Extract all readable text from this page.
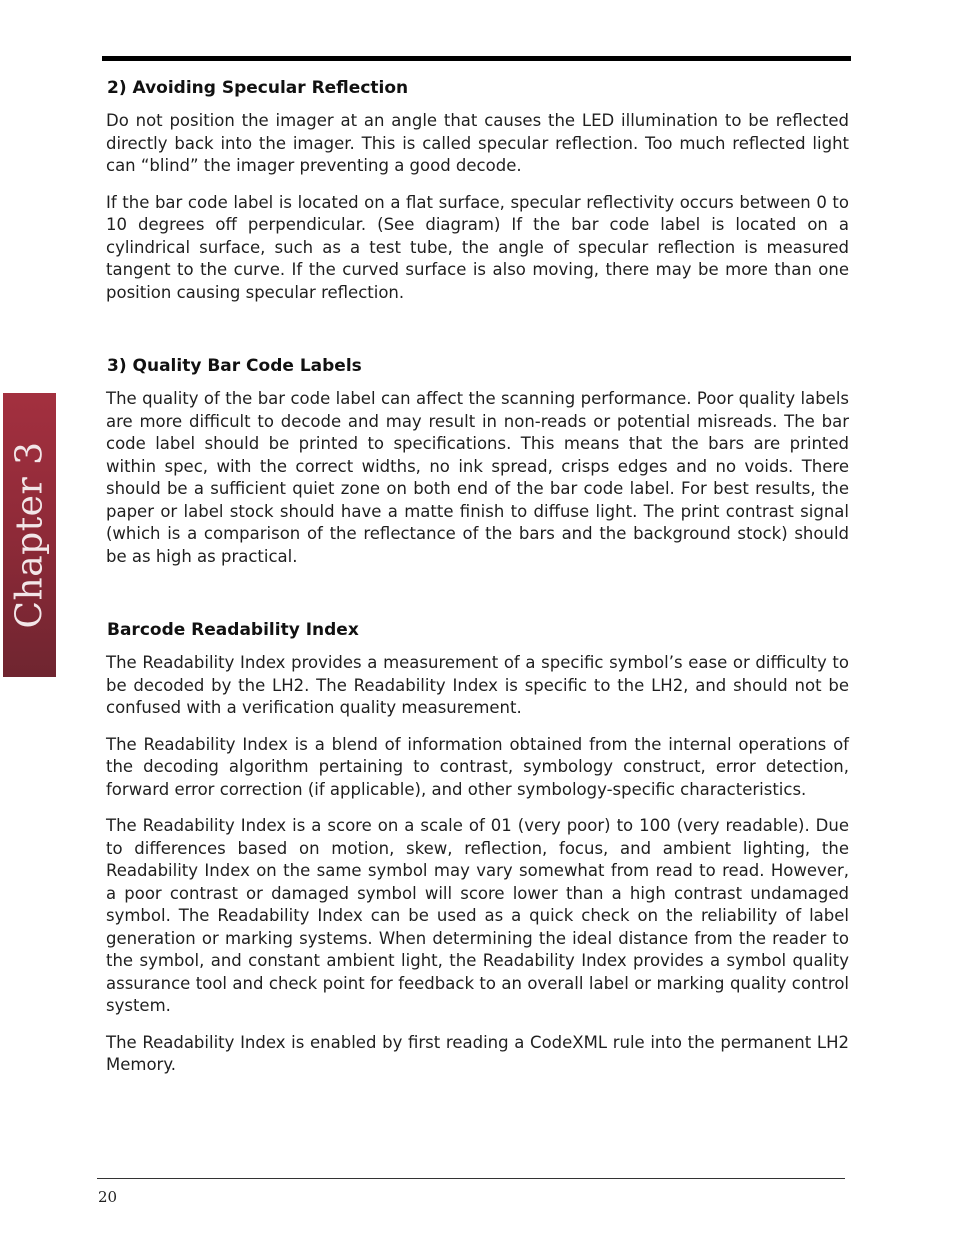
Chapter 3
2) Avoiding Specular Reflection

Do not position the imager at an angle that causes the LED illumination to be reflected directly back into the imager. This is called specular reflection. Too much reflected light can “blind” the imager preventing a good decode.

If the bar code label is located on a flat surface, specular reflectivity occurs between 0 to 10 degrees off perpendicular. (See diagram) If the bar code label is located on a cylindrical surface, such as a test tube, the angle of specular reflection is measured tangent to the curve. If the curved surface is also moving, there may be more than one position causing specular reflection.

3) Quality Bar Code Labels

The quality of the bar code label can affect the scanning performance. Poor quality labels are more difficult to decode and may result in non-reads or potential misreads. The bar code label should be printed to specifications. This means that the bars are printed within spec, with the correct widths, no ink spread, crisps edges and no voids. There should be a sufficient quiet zone on both end of the bar code label. For best results, the paper or label stock should have a matte finish to diffuse light. The print contrast signal (which is a comparison of the reflectance of the bars and the background stock) should be as high as practical.

Barcode Readability Index

The Readability Index provides a measurement of a specific symbol’s ease or difficulty to be decoded by the LH2. The Readability Index is specific to the LH2, and should not be confused with a verification quality measurement.

The Readability Index is a blend of information obtained from the internal operations of the decoding algorithm pertaining to contrast, symbology construct, error detection, forward error correction (if applicable), and other symbology-specific characteristics.

The Readability Index is a score on a scale of 01 (very poor) to 100 (very readable). Due to differences based on motion, skew, reflection, focus, and ambient lighting, the Readability Index on the same symbol may vary somewhat from read to read. However, a poor contrast or damaged symbol will score lower than a high contrast undamaged symbol. The Readability Index can be used as a quick check on the reliability of label generation or marking systems. When determining the ideal distance from the reader to the symbol, and constant ambient light, the Readability Index provides a symbol quality assurance tool and check point for feedback to an overall label or marking quality control system.

The Readability Index is enabled by first reading a CodeXML rule into the permanent LH2 Memory.

20
